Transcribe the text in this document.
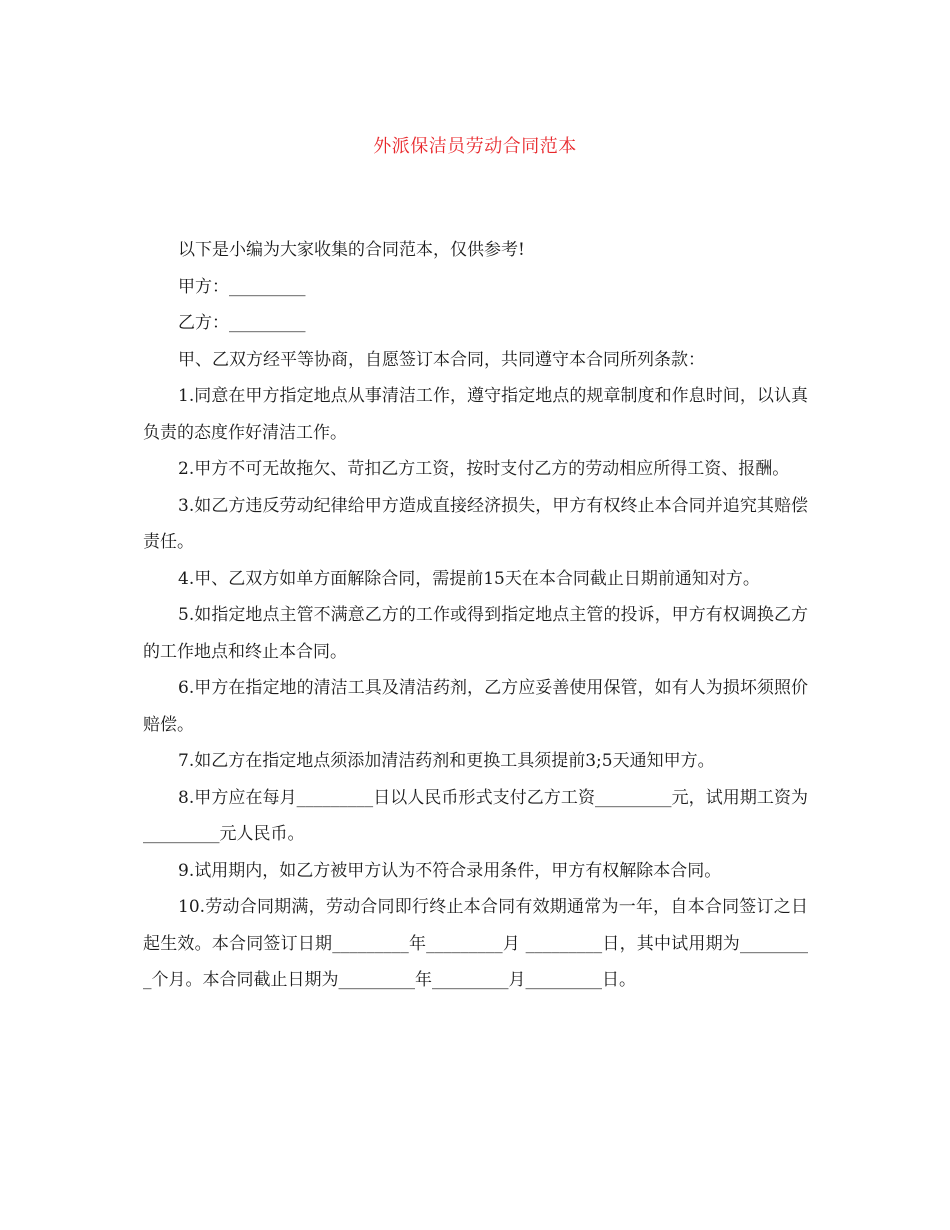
外派保洁员劳动合同范本

以下是小编为大家收集的合同范本，仅供参考!

甲方：_________

乙方：_________

甲、乙双方经平等协商，自愿签订本合同，共同遵守本合同所列条款：

1.同意在甲方指定地点从事清洁工作，遵守指定地点的规章制度和作息时间，以认真负责的态度作好清洁工作。

2.甲方不可无故拖欠、苛扣乙方工资，按时支付乙方的劳动相应所得工资、报酬。

3.如乙方违反劳动纪律给甲方造成直接经济损失，甲方有权终止本合同并追究其赔偿责任。

4.甲、乙双方如单方面解除合同，需提前15天在本合同截止日期前通知对方。

5.如指定地点主管不满意乙方的工作或得到指定地点主管的投诉，甲方有权调换乙方的工作地点和终止本合同。

6.甲方在指定地的清洁工具及清洁药剂，乙方应妥善使用保管，如有人为损坏须照价赔偿。

7.如乙方在指定地点须添加清洁药剂和更换工具须提前3;5天通知甲方。

8.甲方应在每月_________日以人民币形式支付乙方工资_________元，试用期工资为_________元人民币。

9.试用期内，如乙方被甲方认为不符合录用条件，甲方有权解除本合同。

10.劳动合同期满，劳动合同即行终止本合同有效期通常为一年，自本合同签订之日起生效。本合同签订日期_________年_________月 _________日，其中试用期为_________个月。本合同截止日期为_________年_________月_________日。
